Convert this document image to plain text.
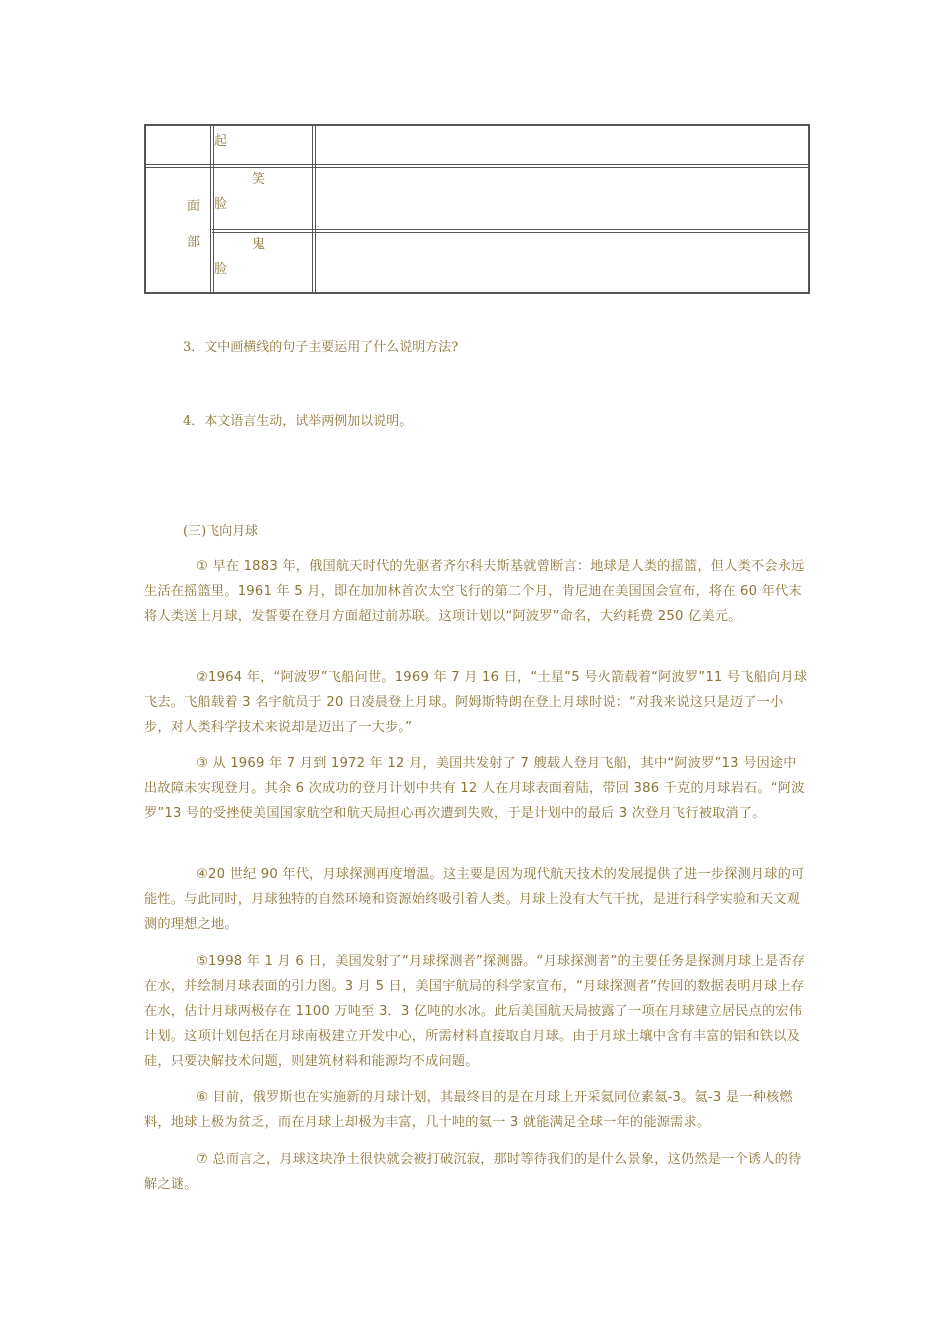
起
面
部
笑
脸
鬼
脸
3．文中画横线的句子主要运用了什么说明方法?
4．本文语言生动，试举两例加以说明。
(三)飞向月球

① 早在 1883 年，俄国航天时代的先驱者齐尔科夫斯基就曾断言：地球是人类的摇篮，但人类不会永远生活在摇篮里。1961 年 5 月，即在加加林首次太空飞行的第二个月，肯尼迪在美国国会宣布，将在 60 年代末将人类送上月球，发誓要在登月方面超过前苏联。这项计划以“阿波罗”命名，大约耗费 250 亿美元。

②1964 年，“阿波罗”飞船问世。1969 年 7 月 16 日，“土星”5 号火箭载着“阿波罗”11 号飞船向月球飞去。飞船载着 3 名宇航员于 20 日凌晨登上月球。阿姆斯特朗在登上月球时说：“对我来说这只是迈了一小步，对人类科学技术来说却是迈出了一大步。”

③ 从 1969 年 7 月到 1972 年 12 月，美国共发射了 7 艘载人登月飞船，其中“阿波罗”13 号因途中出故障未实现登月。其余 6 次成功的登月计划中共有 12 人在月球表面着陆，带回 386 千克的月球岩石。“阿波罗”13 号的受挫使美国国家航空和航天局担心再次遭到失败，于是计划中的最后 3 次登月飞行被取消了。

④20 世纪 90 年代，月球探测再度增温。这主要是因为现代航天技术的发展提供了进一步探测月球的可能性。与此同时，月球独特的自然环境和资源始终吸引着人类。月球上没有大气干扰，是进行科学实验和天文观测的理想之地。

⑤1998 年 1 月 6 日，美国发射了“月球探测者”探测器。“月球探测者”的主要任务是探测月球上是否存在水，并绘制月球表面的引力图。3 月 5 日，美国宇航局的科学家宣布，“月球探测者”传回的数据表明月球上存在水，估计月球两极存在 1100 万吨至 3．3 亿吨的水冰。此后美国航天局披露了一项在月球建立居民点的宏伟计划。这项计划包括在月球南极建立开发中心，所需材料直接取自月球。由于月球土壤中含有丰富的铝和铁以及硅，只要决解技术问题，则建筑材料和能源均不成问题。

⑥ 目前，俄罗斯也在实施新的月球计划，其最终目的是在月球上开采氦同位素氦-3。氦-3 是一种核燃料，地球上极为贫乏，而在月球上却极为丰富，几十吨的氦一 3 就能满足全球一年的能源需求。

⑦ 总而言之，月球这块净土很快就会被打破沉寂，那时等待我们的是什么景象，这仍然是一个诱人的待解之谜。
